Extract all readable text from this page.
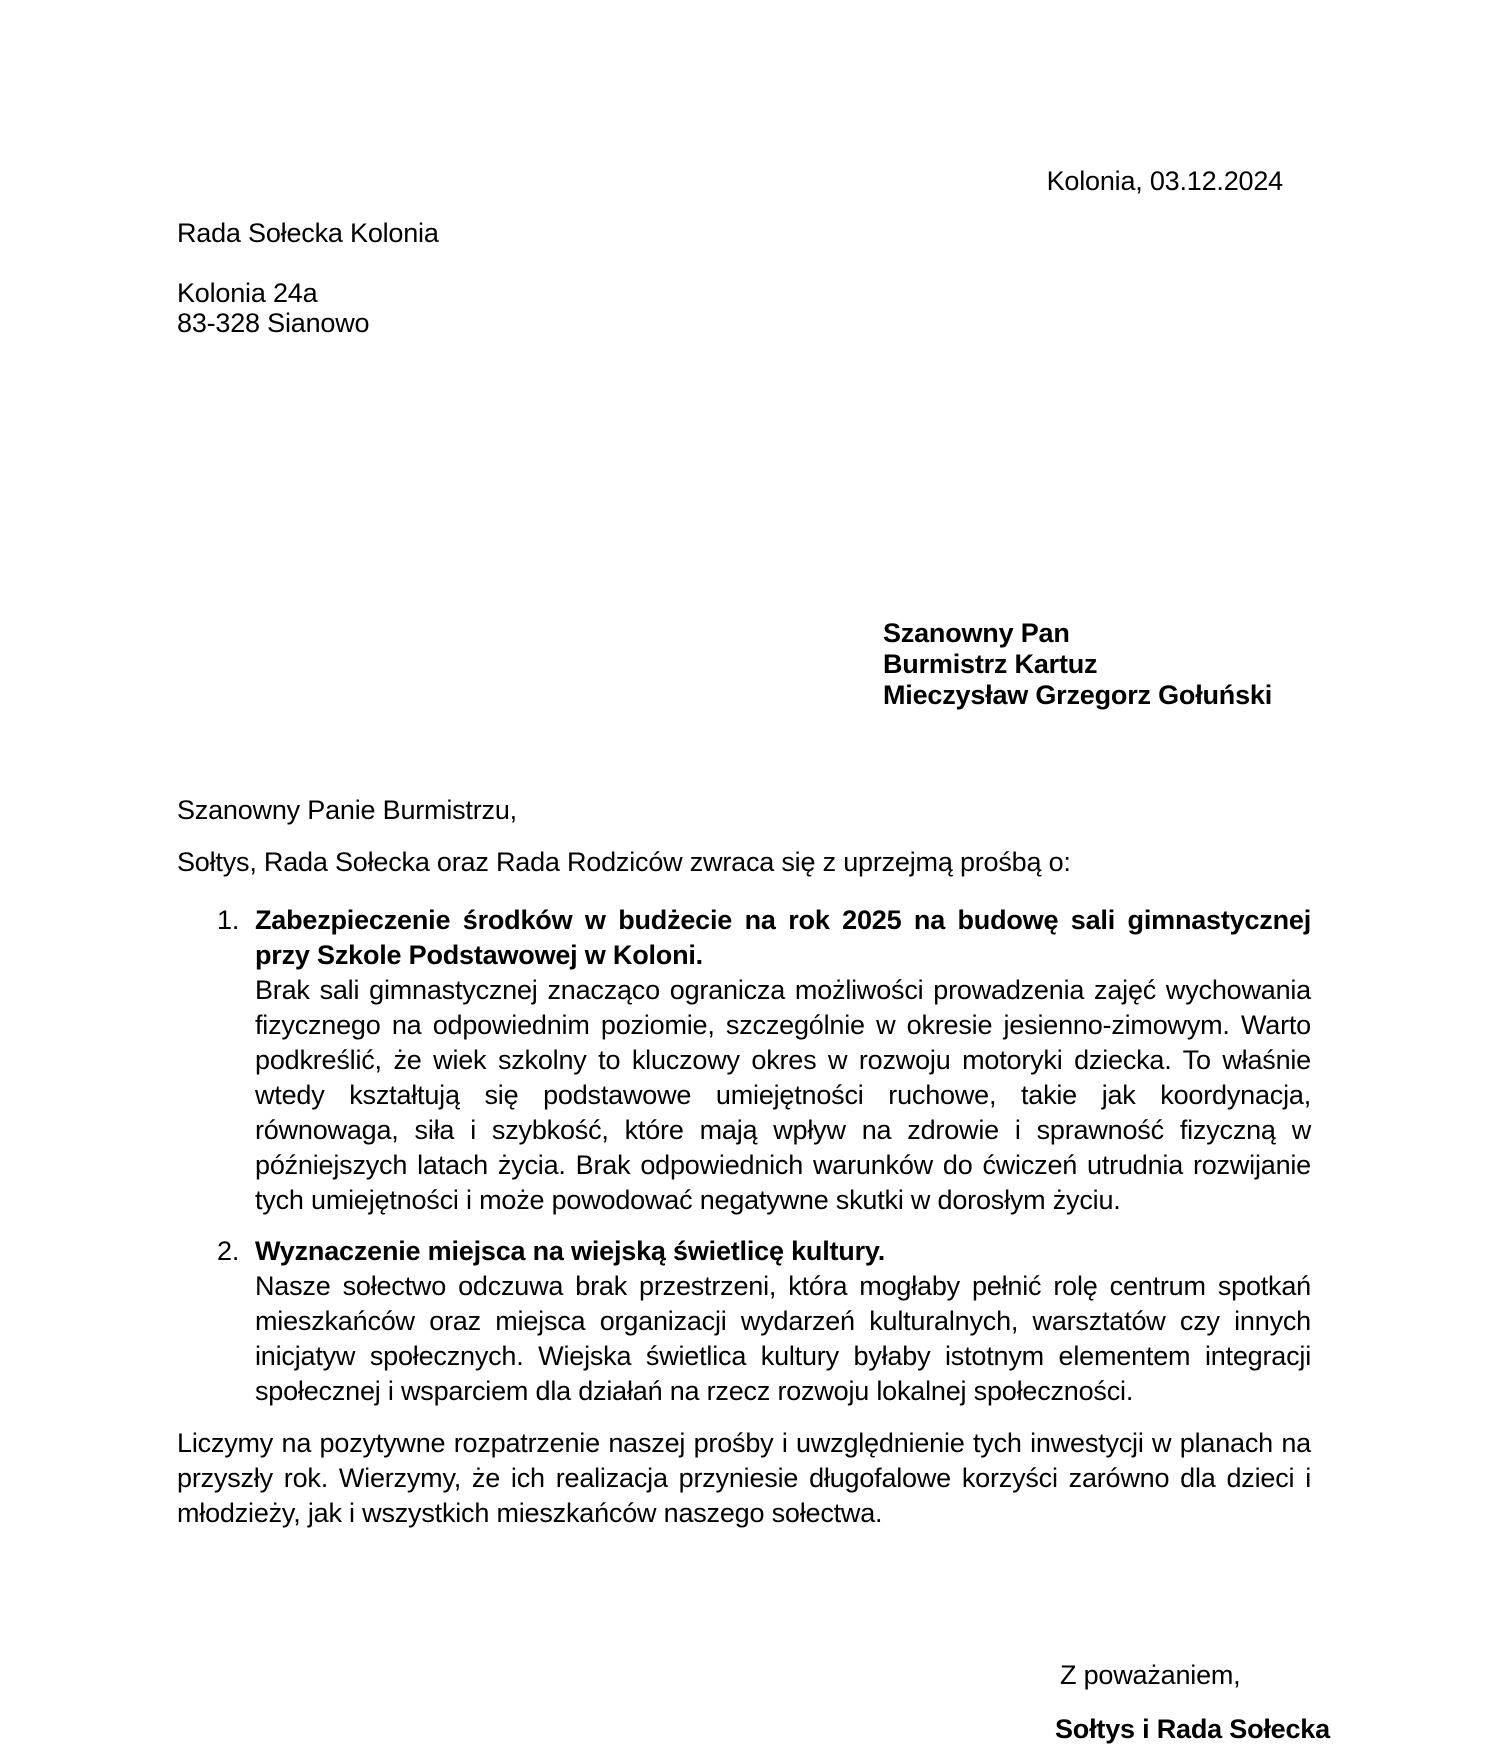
Kolonia, 03.12.2024
Rada Sołecka Kolonia
Kolonia 24a
83-328 Sianowo
Szanowny Pan
Burmistrz Kartuz
Mieczysław Grzegorz Gołuński
Szanowny Panie Burmistrzu,
Sołtys, Rada Sołecka oraz Rada Rodziców zwraca się z uprzejmą prośbą o:
1. Zabezpieczenie środków w budżecie na rok 2025 na budowę sali gimnastycznej przy Szkole Podstawowej w Koloni.
Brak sali gimnastycznej znacząco ogranicza możliwości prowadzenia zajęć wychowania fizycznego na odpowiednim poziomie, szczególnie w okresie jesienno-zimowym. Warto podkreślić, że wiek szkolny to kluczowy okres w rozwoju motoryki dziecka. To właśnie wtedy kształtują się podstawowe umiejętności ruchowe, takie jak koordynacja, równowaga, siła i szybkość, które mają wpływ na zdrowie i sprawność fizyczną w późniejszych latach życia. Brak odpowiednich warunków do ćwiczeń utrudnia rozwijanie tych umiejętności i może powodować negatywne skutki w dorosłym życiu.
2. Wyznaczenie miejsca na wiejską świetlicę kultury.
Nasze sołectwo odczuwa brak przestrzeni, która mogłaby pełnić rolę centrum spotkań mieszkańców oraz miejsca organizacji wydarzeń kulturalnych, warsztatów czy innych inicjatyw społecznych. Wiejska świetlica kultury byłaby istotnym elementem integracji społecznej i wsparciem dla działań na rzecz rozwoju lokalnej społeczności.
Liczymy na pozytywne rozpatrzenie naszej prośby i uwzględnienie tych inwestycji w planach na przyszły rok. Wierzymy, że ich realizacja przyniesie długofalowe korzyści zarówno dla dzieci i młodzieży, jak i wszystkich mieszkańców naszego sołectwa.
Z poważaniem,
Sołtys i Rada Sołecka
